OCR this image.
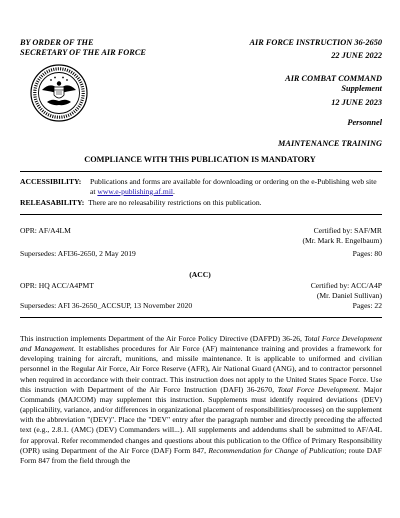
BY ORDER OF THE
SECRETARY OF THE AIR FORCE
AIR FORCE INSTRUCTION 36-2650
22 JUNE 2022
AIR COMBAT COMMAND
Supplement
12 JUNE 2023
Personnel
MAINTENANCE TRAINING
COMPLIANCE WITH THIS PUBLICATION IS MANDATORY
ACCESSIBILITY: Publications and forms are available for downloading or ordering on the e-Publishing web site at www.e-publishing.af.mil.
RELEASABILITY: There are no releasability restrictions on this publication.
OPR: AF/A4LM	Certified by: SAF/MR
(Mr. Mark R. Engelbaum)
Supersedes: AFI36-2650, 2 May 2019	Pages: 80
(ACC)
OPR: HQ ACC/A4PMT	Certified by: ACC/A4P
(Mr. Daniel Sullivan)
Supersedes: AFI 36-2650_ACCSUP, 13 November 2020	Pages: 22
This instruction implements Department of the Air Force Policy Directive (DAFPD) 36-26, Total Force Development and Management. It establishes procedures for Air Force (AF) maintenance training and provides a framework for developing training for aircraft, munitions, and missile maintenance. It is applicable to uniformed and civilian personnel in the Regular Air Force, Air Force Reserve (AFR), Air National Guard (ANG), and to contractor personnel when required in accordance with their contract. This instruction does not apply to the United States Space Force. Use this instruction with Department of the Air Force Instruction (DAFI) 36-2670, Total Force Development. Major Commands (MAJCOM) may supplement this instruction. Supplements must identify required deviations (DEV) (applicability, variance, and/or differences in organizational placement of responsibilities/processes) on the supplement with the abbreviation "(DEV)". Place the "DEV" entry after the paragraph number and directly preceding the affected text (e.g., 2.8.1. (AMC) (DEV) Commanders will...). All supplements and addendums shall be submitted to AF/A4L for approval. Refer recommended changes and questions about this publication to the Office of Primary Responsibility (OPR) using Department of the Air Force (DAF) Form 847, Recommendation for Change of Publication; route DAF Form 847 from the field through the
